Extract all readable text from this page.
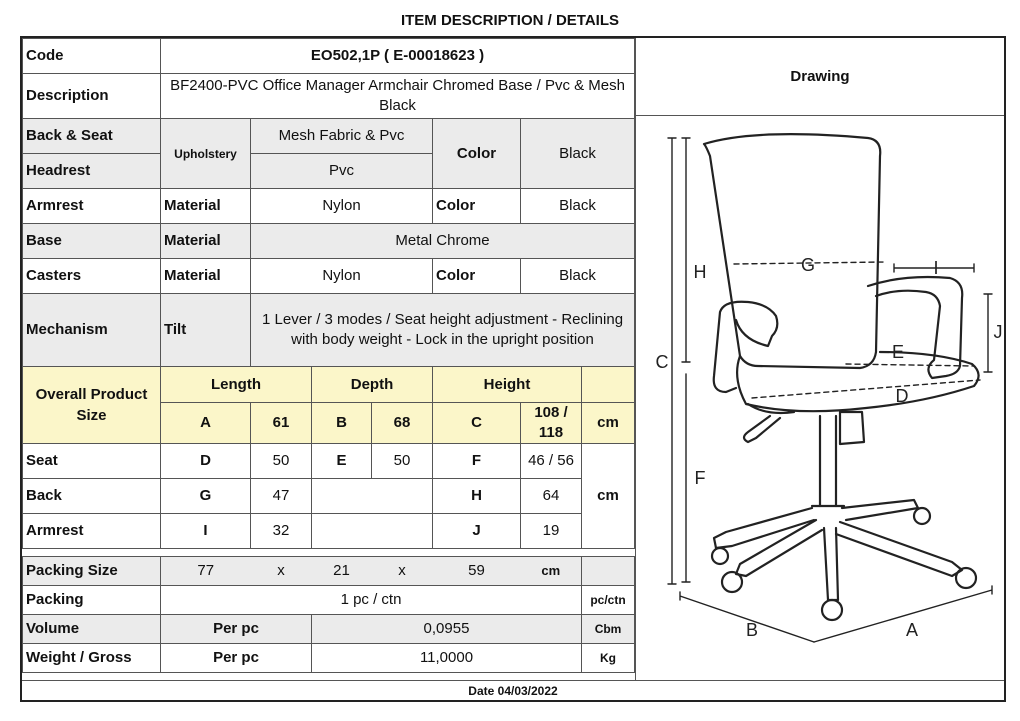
ITEM DESCRIPTION / DETAILS
Code	EO502,1P ( E-00018623 )						
Description	BF2400-PVC Office Manager Armchair Chromed Base / Pvc & Mesh Black						
Back & Seat	Upholstery	Mesh Fabric & Pvc			Color	Black	
Headrest		Pvc					
Armrest	Material	Nylon			Color	Black	
Base	Material	Metal Chrome					
Casters	Material	Nylon			Color	Black	
Mechanism	Tilt	1 Lever / 3 modes / Seat height adjustment - Reclining with body weight - Lock in the upright position					
Overall Product Size	Length		Depth		Height		
	A	61	B	68	C	108 / 118	cm
Seat	D	50	E	50	F	46 / 56	cm
Back	G	47			H	64	
Armrest	I	32			J	19	

Packing Size	77	x	21	x	59	cm	
Packing	1 pc / ctn						pc/ctn
Volume	Per pc		0,0955				Cbm
Weight / Gross	Per pc		11,0000				Kg
Drawing
C
H
F
G	I
J
E
D
B	A
Date 04/03/2022
